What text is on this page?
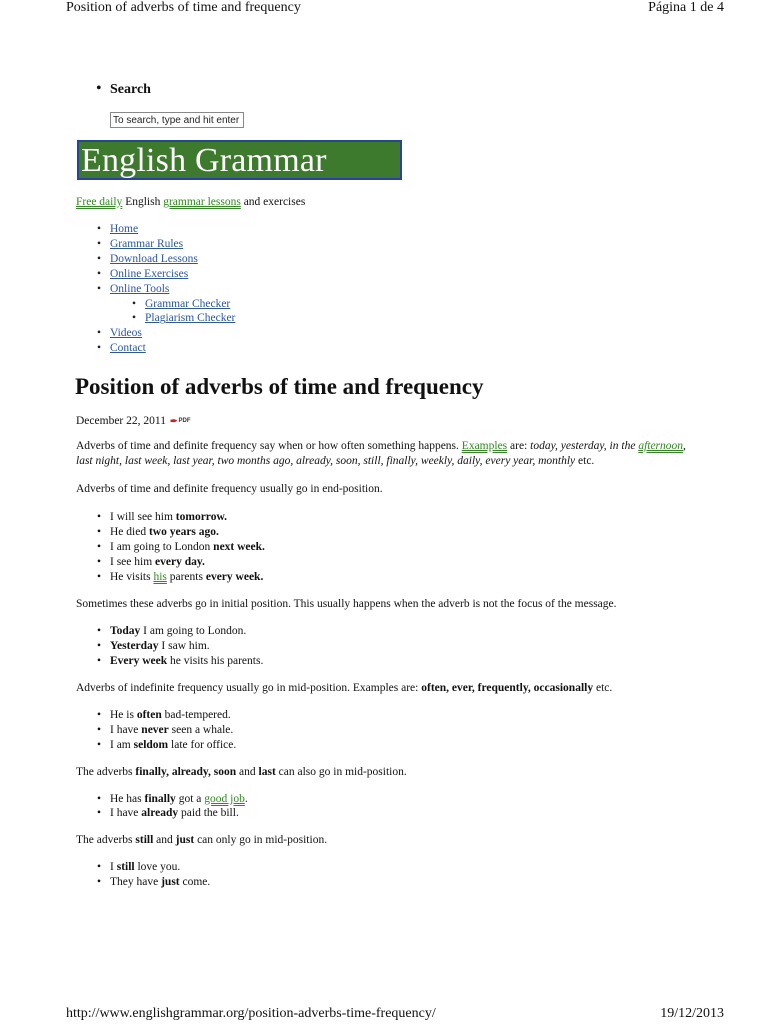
Position of adverbs of time and frequency	Página 1 de 4
• Search
To search, type and hit enter
English Grammar
Free daily English grammar lessons and exercises
• Home
• Grammar Rules
• Download Lessons
• Online Exercises
• Online Tools
• Grammar Checker
• Plagiarism Checker
• Videos
• Contact
Position of adverbs of time and frequency
December 22, 2011 ✒ PDF

Adverbs of time and definite frequency say when or how often something happens. Examples are: today, yesterday, in the afternoon, last night, last week, last year, two months ago, already, soon, still, finally, weekly, daily, every year, monthly etc.

Adverbs of time and definite frequency usually go in end-position.

• I will see him tomorrow.
• He died two years ago.
• I am going to London next week.
• I see him every day.
• He visits his parents every week.

Sometimes these adverbs go in initial position. This usually happens when the adverb is not the focus of the message.

• Today I am going to London.
• Yesterday I saw him.
• Every week he visits his parents.

Adverbs of indefinite frequency usually go in mid-position. Examples are: often, ever, frequently, occasionally etc.

• He is often bad-tempered.
• I have never seen a whale.
• I am seldom late for office.

The adverbs finally, already, soon and last can also go in mid-position.

• He has finally got a good job.
• I have already paid the bill.

The adverbs still and just can only go in mid-position.

• I still love you.
• They have just come.
http://www.englishgrammar.org/position-adverbs-time-frequency/	19/12/2013
